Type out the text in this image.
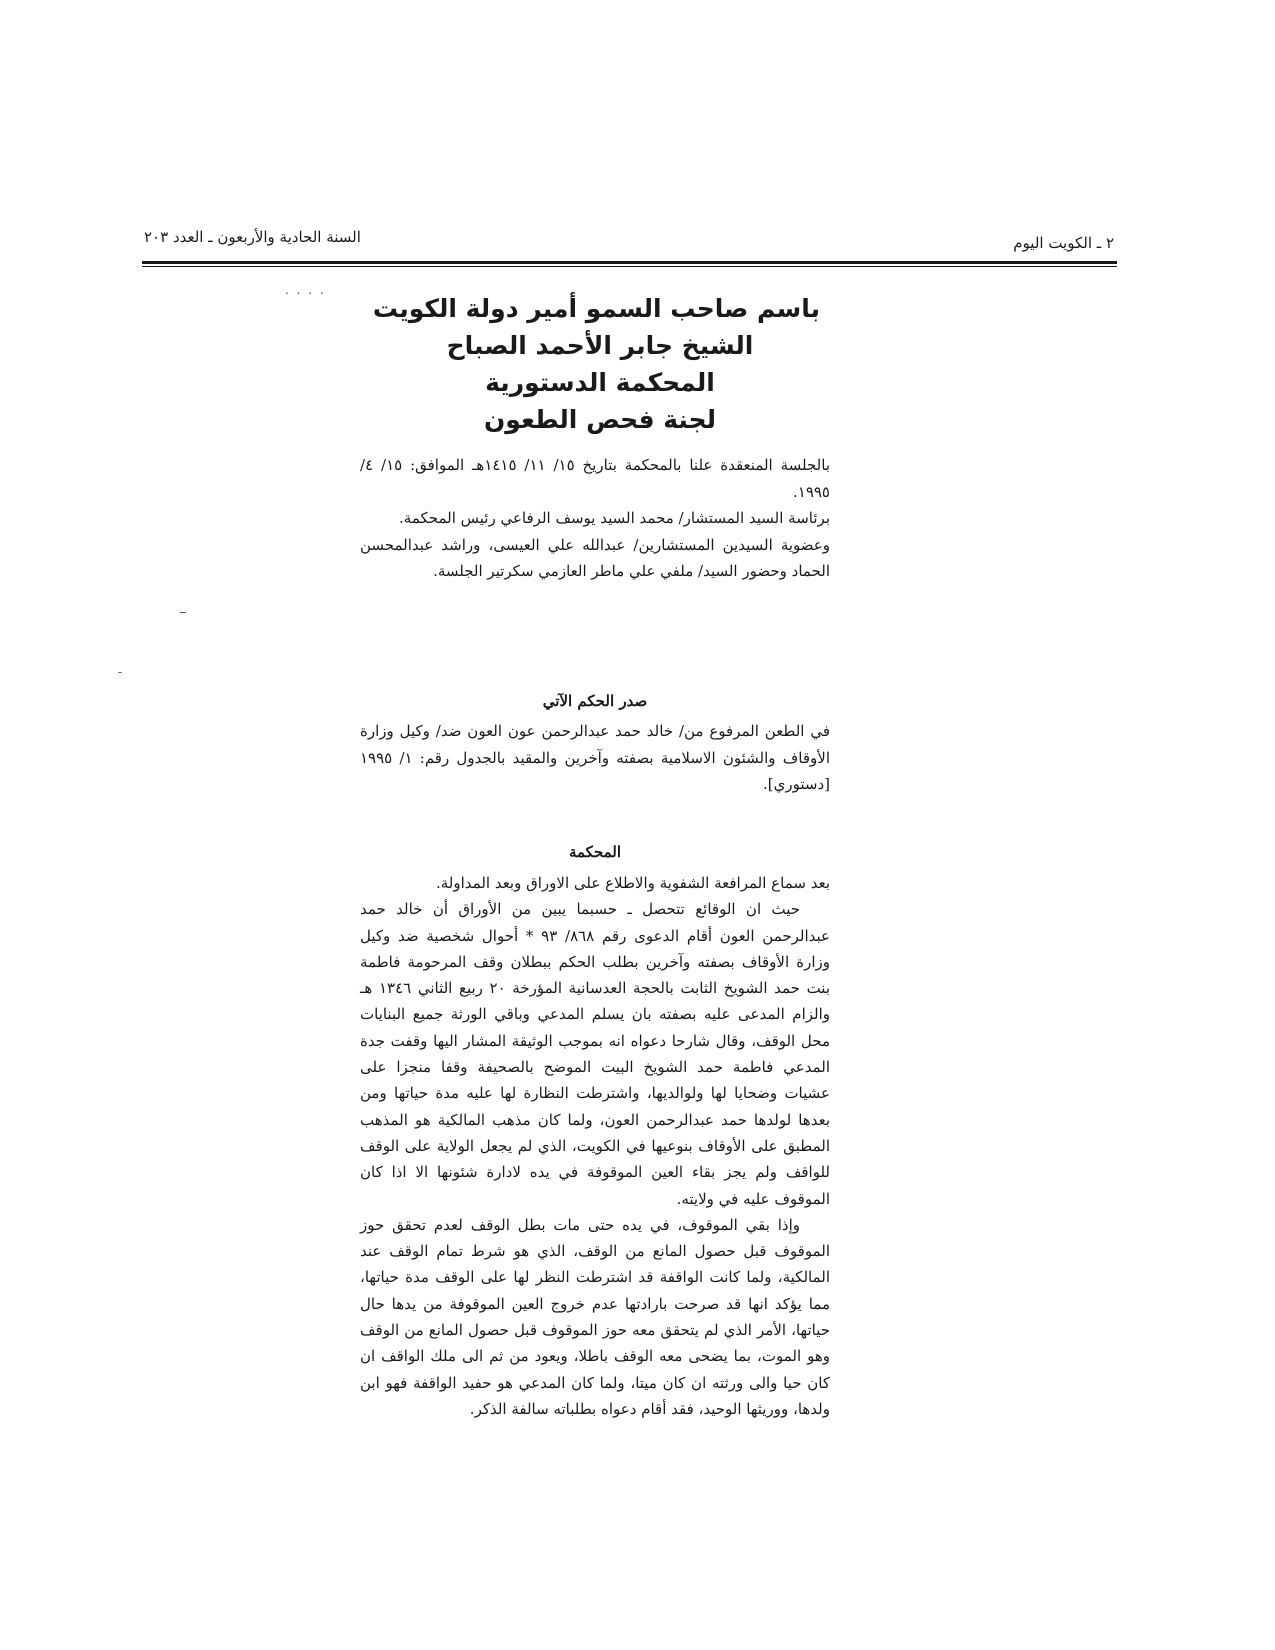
٢ ـ الكويت اليوم
السنة الحادية والأربعون ـ العدد ٢٠٣
. . . .
باسم صاحب السمو أمير دولة الكويت
الشيخ جابر الأحمد الصباح
المحكمة الدستورية
لجنة فحص الطعون

بالجلسة المنعقدة علنا بالمحكمة بتاريخ ١٥/ ١١/ ١٤١٥هـ الموافق: ١٥/ ٤/ ١٩٩٥.

برئاسة السيد المستشار/ محمد السيد يوسف الرفاعي رئيس المحكمة.

وعضوية السيدين المستشارين/ عبدالله علي العيسى، وراشد عبدالمحسن الحماد وحضور السيد/ ملفي علي ماطر العازمي سكرتير الجلسة.

صدر الحكم الآتي

في الطعن المرفوع من/ خالد حمد عبدالرحمن عون العون ضد/ وكيل وزارة الأوقاف والشئون الاسلامية بصفته وآخرين والمقيد بالجدول رقم: ١/ ١٩٩٥ [دستوري].

المحكمة

بعد سماع المرافعة الشفوية والاطلاع على الاوراق وبعد المداولة.

حيث ان الوقائع تتحصل ـ حسبما يبين من الأوراق أن خالد حمد عبدالرحمن العون أقام الدعوى رقم ٨٦٨/ ٩٣ * أحوال شخصية ضد وكيل وزارة الأوقاف بصفته وآخرين بطلب الحكم ببطلان وقف المرحومة فاطمة بنت حمد الشويخ الثابت بالحجة العدسانية المؤرخة ٢٠ ربيع الثاني ١٣٤٦ هـ والزام المدعى عليه بصفته بان يسلم المدعي وباقي الورثة جميع البنايات محل الوقف، وقال شارحا دعواه انه بموجب الوثيقة المشار اليها وقفت جدة المدعي فاطمة حمد الشويخ البيت الموضح بالصحيفة وقفا منجزا على عشيات وضحايا لها ولوالديها، واشترطت النظارة لها عليه مدة حياتها ومن بعدها لولدها حمد عبدالرحمن العون، ولما كان مذهب المالكية هو المذهب المطبق على الأوقاف بنوعيها في الكويت، الذي لم يجعل الولاية على الوقف للواقف ولم يجز بقاء العين الموقوفة في يده لادارة شئونها الا اذا كان الموقوف عليه في ولايته.

وإذا بقي الموقوف، في يده حتى مات بطل الوقف لعدم تحقق حوز الموقوف قبل حصول المانع من الوقف، الذي هو شرط تمام الوقف عند المالكية، ولما كانت الواقفة قد اشترطت النظر لها على الوقف مدة حياتها، مما يؤكد انها قد صرحت بارادتها عدم خروج العين الموقوفة من يدها حال حياتها، الأمر الذي لم يتحقق معه حوز الموقوف قبل حصول المانع من الوقف وهو الموت، بما يضحى معه الوقف باطلا، ويعود من ثم الى ملك الواقف ان كان حيا والى ورثته ان كان ميتا، ولما كان المدعي هو حفيد الواقفة فهو ابن ولدها، ووريثها الوحيد، فقد أقام دعواه بطلباته سالفة الذكر.
